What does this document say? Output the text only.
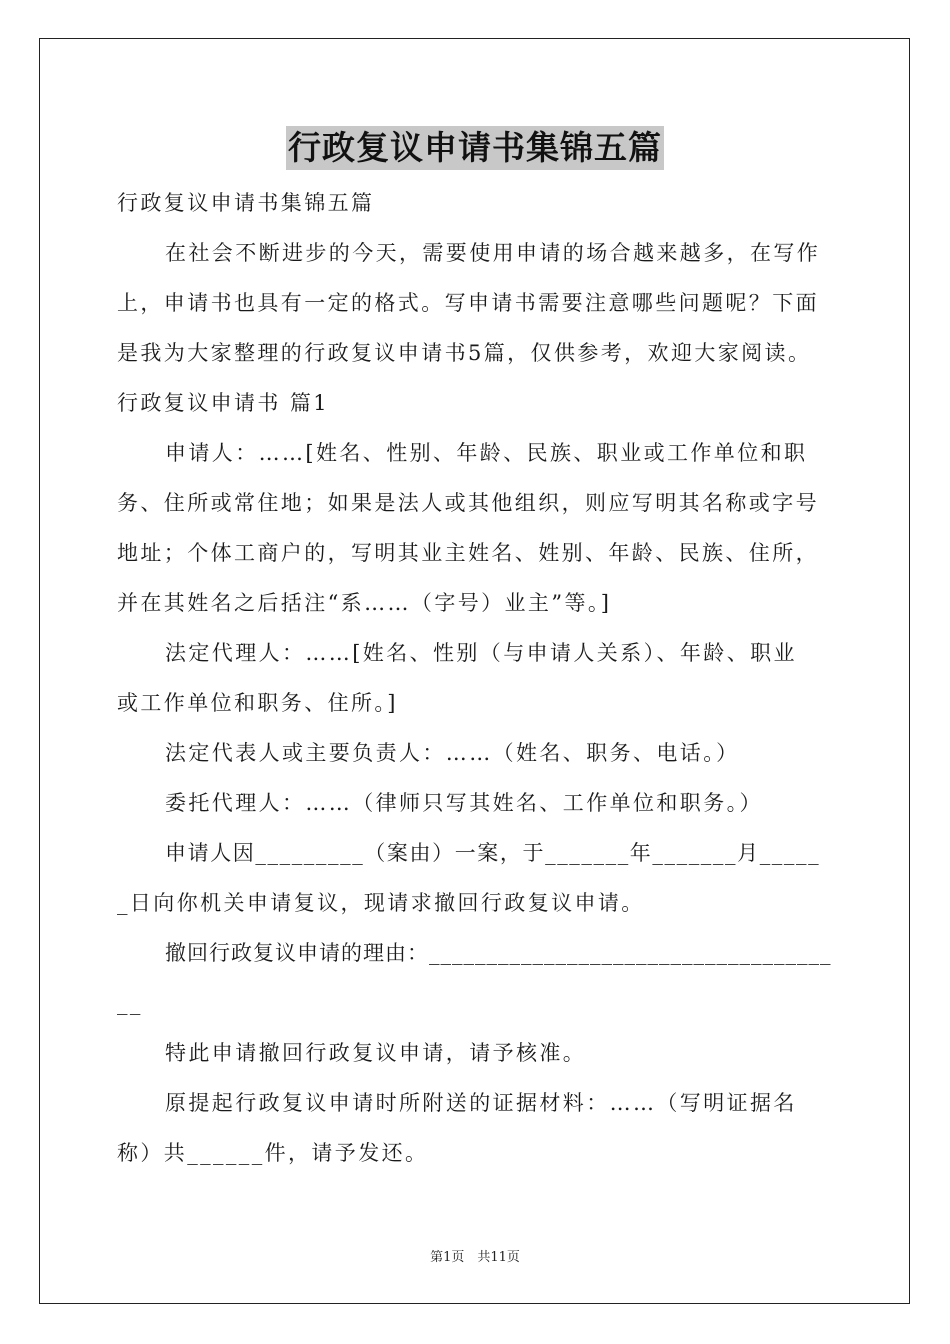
行政复议申请书集锦五篇
行政复议申请书集锦五篇
在社会不断进步的今天，需要使用申请的场合越来越多，在写作
上，申请书也具有一定的格式。写申请书需要注意哪些问题呢？下面
是我为大家整理的行政复议申请书5篇，仅供参考，欢迎大家阅读。
行政复议申请书 篇1
申请人：……[姓名、性别、年龄、民族、职业或工作单位和职
务、住所或常住地；如果是法人或其他组织，则应写明其名称或字号
地址；个体工商户的，写明其业主姓名、姓别、年龄、民族、住所，
并在其姓名之后括注“系……（字号）业主”等。]
法定代理人：……[姓名、性别（与申请人关系）、年龄、职业
或工作单位和职务、住所。]
法定代表人或主要负责人：……（姓名、职务、电话。）
委托代理人：……（律师只写其姓名、工作单位和职务。）
申请人因_________（案由）一案，于_______年_______月_____
_日向你机关申请复议，现请求撤回行政复议申请。
撤回行政复议申请的理由：___________________________________
__
特此申请撤回行政复议申请，请予核准。
原提起行政复议申请时所附送的证据材料：……（写明证据名
称）共______件，请予发还。
第1页　共11页
